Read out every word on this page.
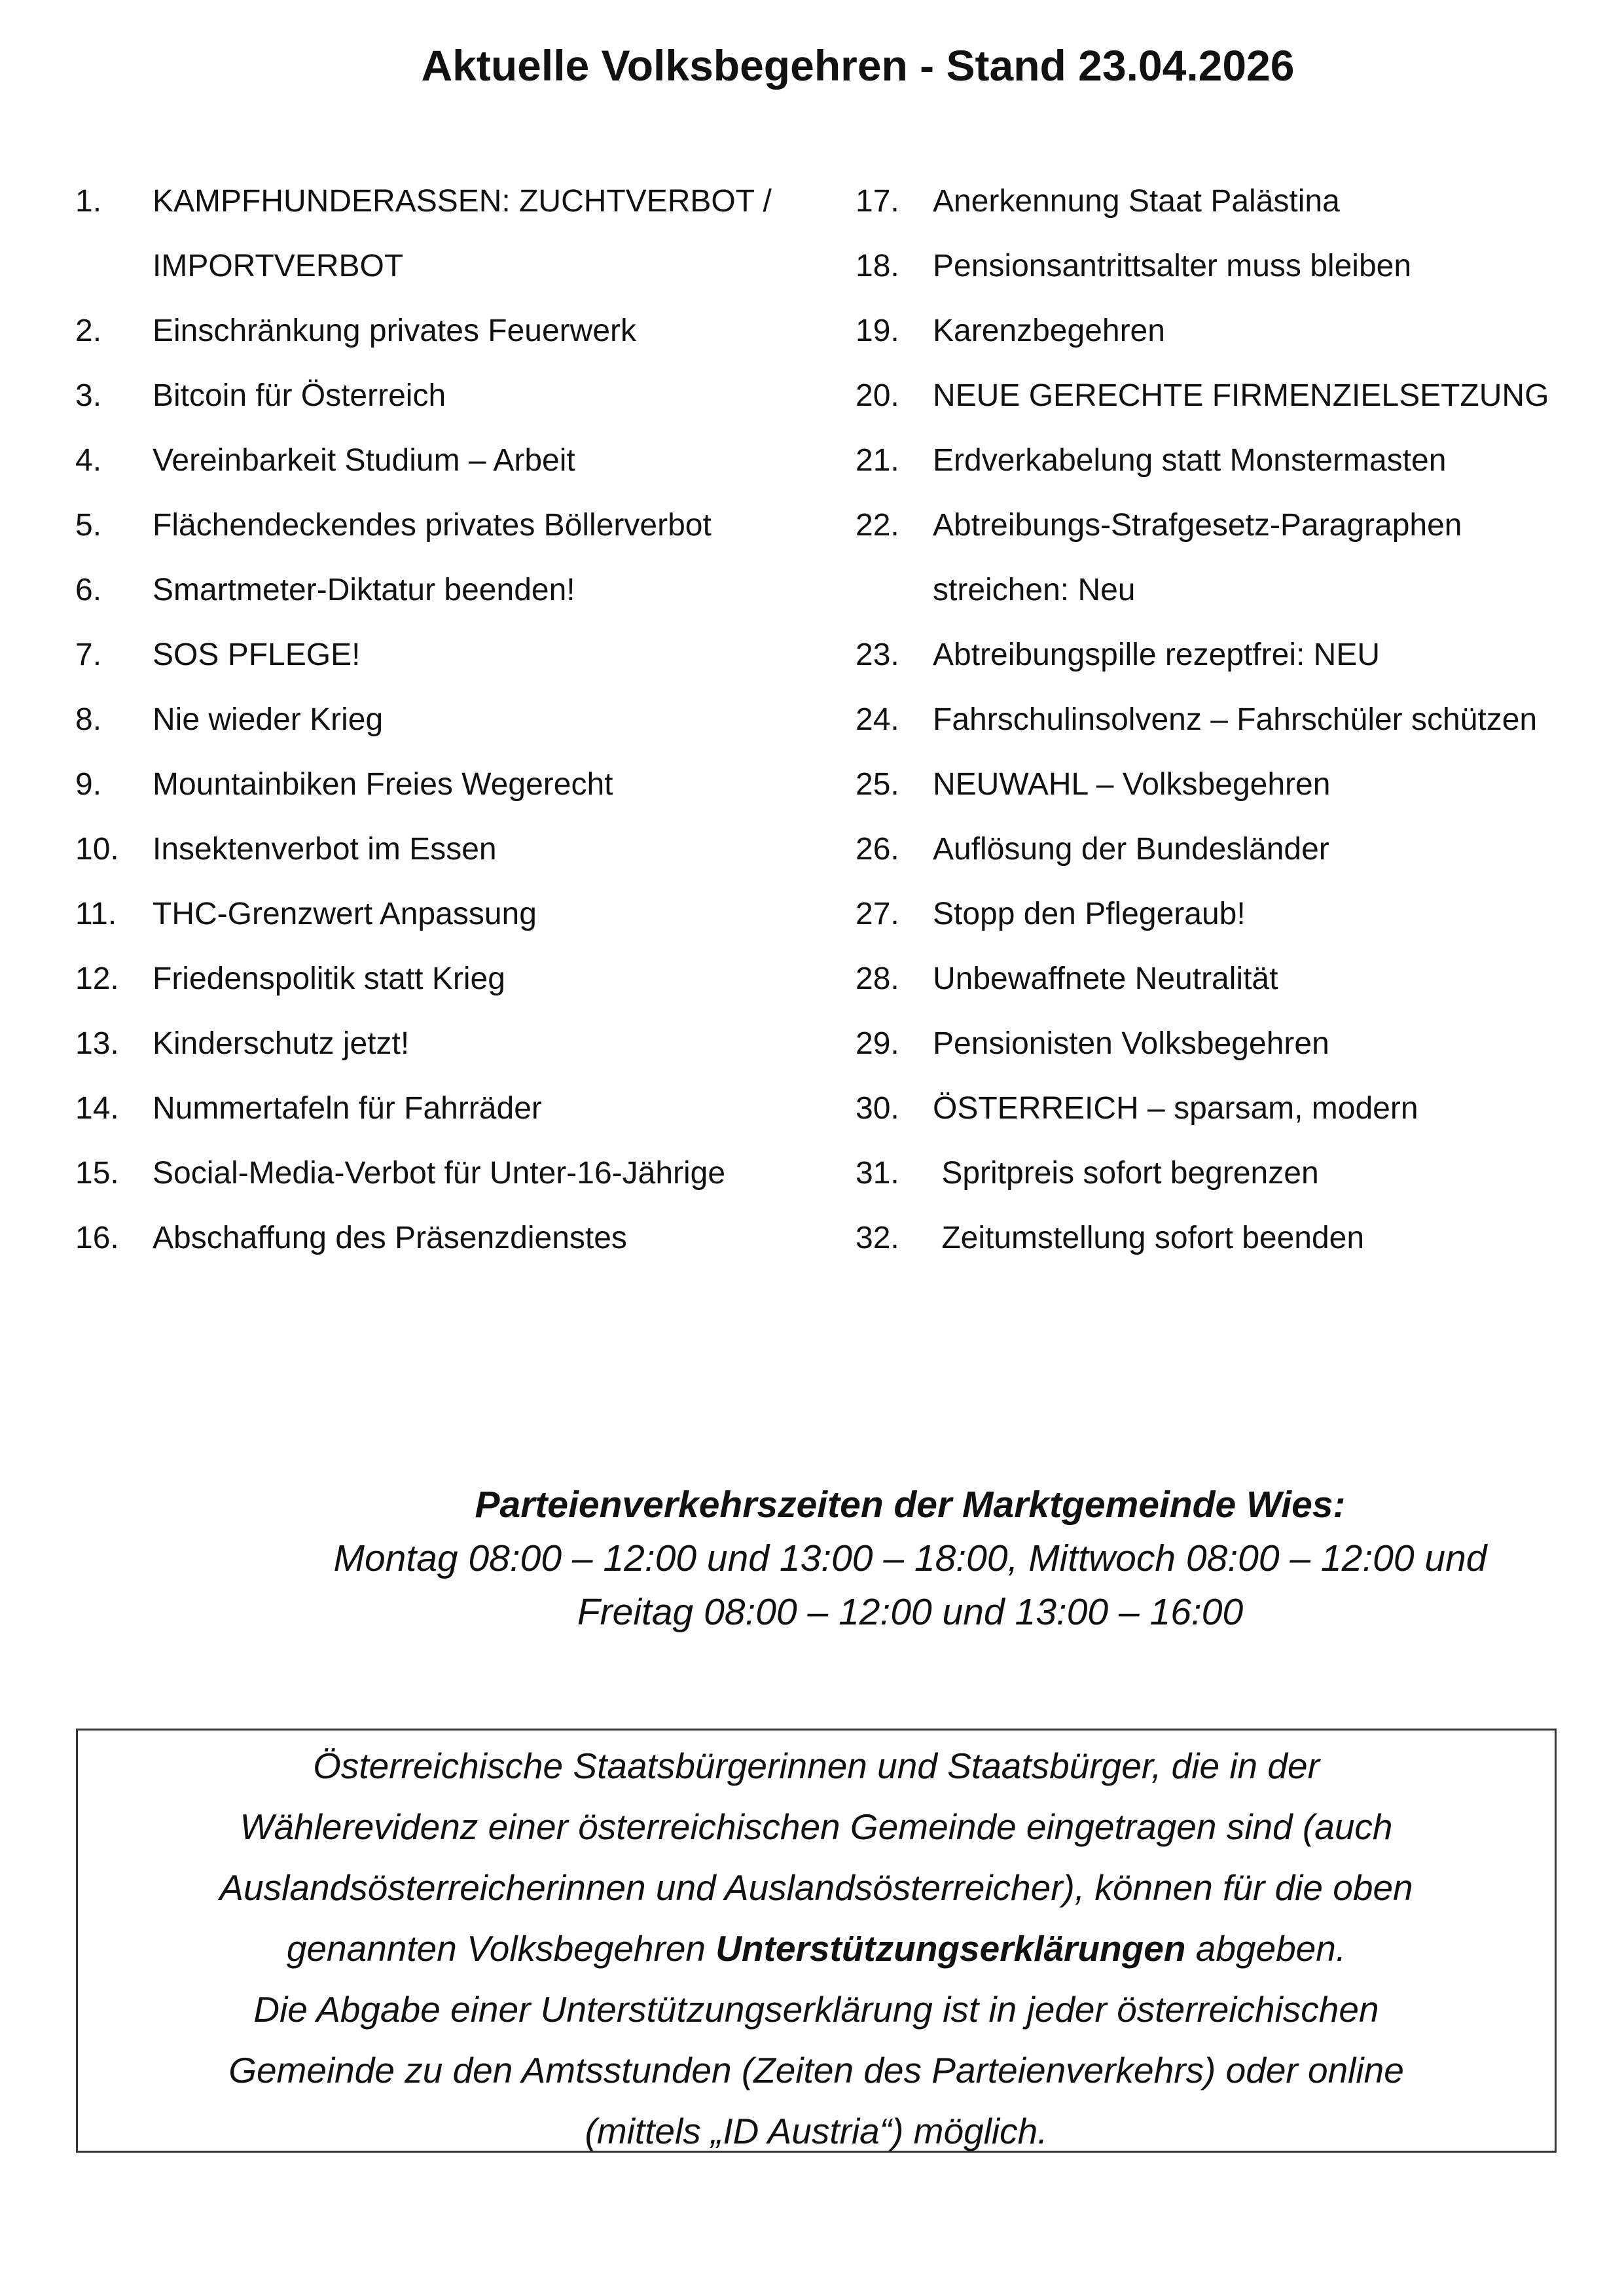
Aktuelle Volksbegehren - Stand 23.04.2026
1.	KAMPFHUNDERASSEN: ZUCHTVERBOT / IMPORTVERBOT
2.	Einschränkung privates Feuerwerk
3.	Bitcoin für Österreich
4.	Vereinbarkeit Studium – Arbeit
5.	Flächendeckendes privates Böllerverbot
6.	Smartmeter-Diktatur beenden!
7.	SOS PFLEGE!
8.	Nie wieder Krieg
9.	Mountainbiken Freies Wegerecht
10.	Insektenverbot im Essen
11.	THC-Grenzwert Anpassung
12.	Friedenspolitik statt Krieg
13.	Kinderschutz jetzt!
14.	Nummertafeln für Fahrräder
15.	Social-Media-Verbot für Unter-16-Jährige
16.	Abschaffung des Präsenzdienstes
17.	Anerkennung Staat Palästina
18.	Pensionsantrittsalter muss bleiben
19.	Karenzbegehren
20.	NEUE GERECHTE FIRMENZIELSETZUNG
21.	Erdverkabelung statt Monstermasten
22.	Abtreibungs-Strafgesetz-Paragraphen streichen: Neu
23.	Abtreibungspille rezeptfrei: NEU
24.	Fahrschulinsolvenz – Fahrschüler schützen
25.	NEUWAHL – Volksbegehren
26.	Auflösung der Bundesländer
27.	Stopp den Pflegeraub!
28.	Unbewaffnete Neutralität
29.	Pensionisten Volksbegehren
30.	ÖSTERREICH – sparsam, modern
31.	Spritpreis sofort begrenzen
32.	Zeitumstellung sofort beenden
Parteienverkehrszeiten der Marktgemeinde Wies:
Montag 08:00 – 12:00 und 13:00 – 18:00, Mittwoch 08:00 – 12:00 und
Freitag 08:00 – 12:00 und 13:00 – 16:00
Österreichische Staatsbürgerinnen und Staatsbürger, die in der
Wählerevidenz einer österreichischen Gemeinde eingetragen sind (auch
Auslandsösterreicherinnen und Auslandsösterreicher), können für die oben
genannten Volksbegehren Unterstützungserklärungen abgeben.
Die Abgabe einer Unterstützungserklärung ist in jeder österreichischen
Gemeinde zu den Amtsstunden (Zeiten des Parteienverkehrs) oder online
(mittels „ID Austria“) möglich.
